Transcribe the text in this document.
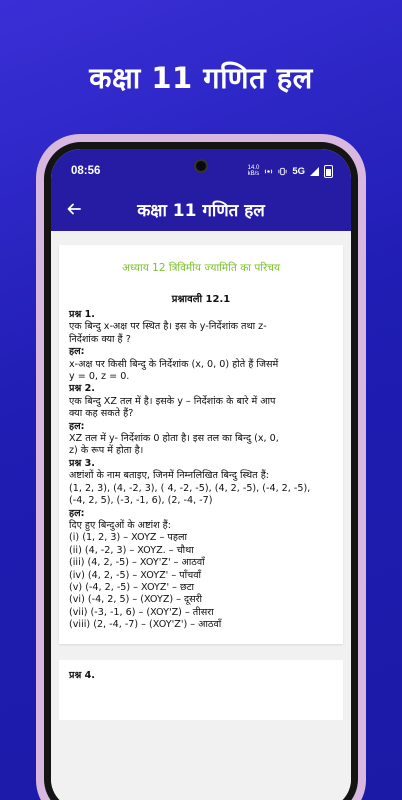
कक्षा 11 गणित हल
08:56	14.0
kB/s	5G
कक्षा 11 गणित हल
अध्याय 12 त्रिविमीय ज्यामिति का परिचय
प्रश्नावली 12.1
प्रश्न 1.
एक बिन्दु x-अक्ष पर स्थित है। इस के y-निर्देशांक तथा z-
निर्देशांक क्या हैं ?
हल:
x-अक्ष पर किसी बिन्दु के निर्देशांक (x, 0, 0) होते हैं जिसमें
y = 0, z = 0.
प्रश्न 2.
एक बिन्दु XZ तल में है। इसके y – निर्देशांक के बारे में आप
क्या कह सकते हैं?
हल:
XZ तल में y- निर्देशांक 0 होता है। इस तल का बिन्दु (x, 0,
z) के रूप में होता है।
प्रश्न 3.
अष्टांशों के नाम बताइए, जिनमें निम्नलिखित बिन्दु स्थित हैं:
(1, 2, 3), (4, -2, 3), ( 4, -2, -5), (4, 2, -5), (-4, 2, -5),
(-4, 2, 5), (-3, -1, 6), (2, -4, -7)
हल:
दिए हुए बिन्दुओं के अष्टांश हैं:
(i) (1, 2, 3) – XOYZ – पहला
(ii) (4, -2, 3) – XOYZ. – चौथा
(iii) (4, 2, -5) – XOY'Z' – आठवाँ
(iv) (4, 2, -5) – XOYZ' – पाँचवाँ
(v) (-4, 2, -5) – XOYZ' – छटा
(vi) (-4, 2, 5) – (XOYZ) – दूसरी
(vii) (-3, -1, 6) – (XOY'Z) – तीसरा
(viii) (2, -4, -7) – (XOY'Z') – आठवाँ
प्रश्न 4.
